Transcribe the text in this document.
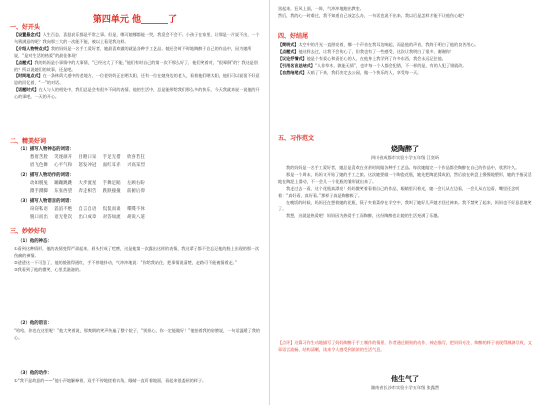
第四单元 他______了
一、好开头
【设置悬念式】人生百态，喜怒哀乐都是平常之事。但是，哪可她哪都能一哭，我竟会不会不。小孩子在家里，让那是一片说不出，一个乌鸦满意的呢？我向那三大的一次能不能，被以上看见我这样。
【介绍人物特点式】我的妈妈是一名手工爱好者，她最喜欢做的就是各种手工艺品。她还会时不时地陶醉于自己的作品中，因为她所说，“是对生活的热爱”的最佳体现！
【点题式】我的妈妈是小事情中的大事情，“已经这大了不能，”他们有时自己的第一次不那么好了，他们笑着对，“很晕倒”的？我这是别的？所以说她们的故事，还是吧。
【时间地点式】在一条林荫大道中的老地方，一位老奶奶正在晒太阳，还有一位在她身边的老人，看着他们晒太阳，他们可以说很不好意思的回忆着，“一”的对话。
【话题时式】在人与人的相处中，我们总是会有很多不同的表情。他的生活中，总是能带给我们那么多的快乐，今天我就来说一说他的开心的事吧，一天的开心。
二、精美好词
（1）描写人物神态的词语：
愁眉苦脸 笑逐颜开 目瞪口呆 手足无措 欣喜若狂
眉飞色舞 心平气和 怒发冲冠 面红耳赤 兴高采烈
（2）描写人物动作的词语：
动如脱兔 蹦蹦跳跳 大步流星 手舞足蹈 左顾右盼
蹑手蹑脚 东张西望 奔走相告 跌跌撞撞 前俯后仰
（3）描写人物语言的词语：
窃窃私语 滔滔不绝 自言自语 侃侃而谈 喋喋不休
脱口而出 语无伦次 出口成章 对答如流 胡说八道
三、妙妙好句
（1）他的神态：
①看到这种情形，他的表情变得严肃起来，眉头拧成了疙瘩，这是他第一次露出这样的表情，我这辈子都不会忘记他的脸上出现的那一次伤痛的神情。
②爸爸这一下可急了，他的脸涨得通红，手不停地抖动，气冲冲地说：“你给我站住，把事情说清楚，走路可不能被猜着走。”
③我看到了他的微笑，心里美滋滋的。
（2）他的语言：
“哈哈，你也在这里呢！”他大笑着说，那爽朗的笑声传遍了整个院子，“别担心，你一定能做好！”他拍着我的肩膀说，一句话温暖了我的心。
（3）他的动作：
①“我不是故意的——”他小声地解释着，双手不停地搓着衣角，眼睛一直盯着地面，看起来很委屈的样子。
黑起来，狂风上面，一阵，气冲冲地跑出教室。
然后，我的心一时难过，我不知道自己该怎么办，一句话也说不出来。我以后是怎样才能不让他伤心呢？
四、好结尾
【简明式】太空中的月光一直照亮着，哪一个声音在我耳边响起，而是他的声音，我终于明白了他的良苦用心。
【点题式】他这样去过，让我不会伤心了，但我也有了一些感受，这次让我明白了很多，谢谢你！
【议论抒情式】他是个有爱心和责任心的人，在他身上我学到了许多东西，我会永远记住他。
【引用名言总结式】“人非草木，孰能无情”，也许每一个人都会犯错，不一样的是，有的人犯了错就改。
【自然结尾式】天暗了下来，我们决定去公园，做一个快乐的人，享受每一天。
五、习作范文
烧陶醉了
四川省成都市实验小学五年级 江奕昕
我的妈妈是一名手工爱好者，她总是喜欢在业余时间做各种手工艺品。每次她做完一个作品都会陶醉在自己的作品中，欣赏许久。
那是一个周末，妈妈又开始了她的手工之旅。这次她要做一个陶瓷花瓶，她先把陶泥揉成团，然后放在转盘上慢慢地塑形，她的手指灵活地在陶泥上滑动，不一会儿一个花瓶的雏形就出来了。
我走过去一看，这个花瓶真漂亮！妈妈微笑着看着自己的作品，眼睛里闪着光，她一会儿从左边看，一会儿从右边看，嘴里还念叨着：“真好看，真好看。”那样子真是陶醉极了。
在晚饭的时候，妈妈还在想着她的花瓶，筷子夹着菜停在半空中，我叫了她好几声她才回过神来。我不禁笑了起来，妈妈也不好意思地笑了。
我想，这就是热爱吧！妈妈因为热爱手工而陶醉，这份陶醉也让她的生活充满了乐趣。
【点评】这篇习作生动地描写了妈妈陶醉于手工制作的情景，作者通过细致的动作、神态描写，把妈妈专注、陶醉的样子表现得淋漓尽致，文章语言流畅，结构清晰，读来令人感受到浓浓的生活气息。
他生气了
湖南省长沙市实验小学五年级 张露然
